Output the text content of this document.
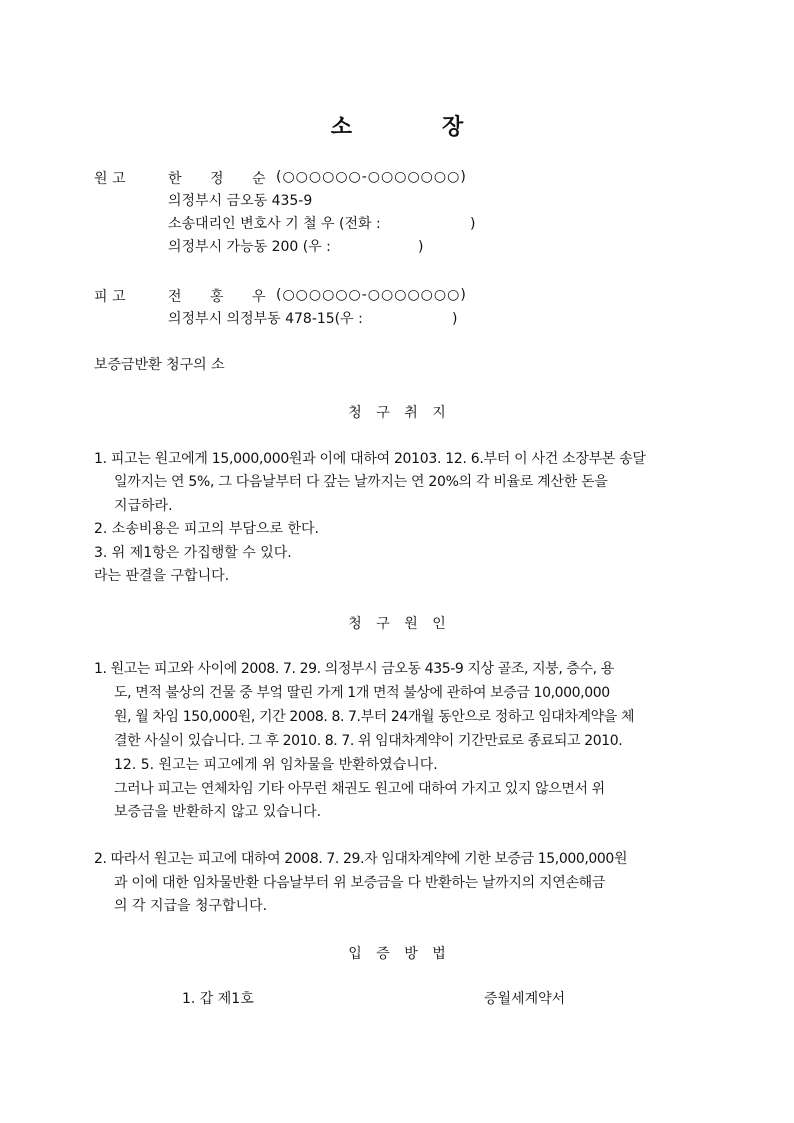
소	장
원 고	한 정 순 (○○○○○○-○○○○○○○)
의정부시 금오동 435-9
소송대리인 변호사 기 철 우 (전화 :	)
의정부시 가능동 200 (우 :	)
피 고	전 홍 우 (○○○○○○-○○○○○○○)
의정부시 의정부동 478-15(우 :	)
보증금반환 청구의 소
청 구 취 지
1. 피고는 원고에게 15,000,000원과 이에 대하여 20103. 12. 6.부터 이 사건 소장부본 송달
일까지는 연 5%, 그 다음날부터 다 갚는 날까지는 연 20%의 각 비율로 계산한 돈을
지급하라.
2. 소송비용은 피고의 부담으로 한다.
3. 위 제1항은 가집행할 수 있다.
라는 판결을 구합니다.
청 구 원 인
1. 원고는 피고와 사이에 2008. 7. 29. 의정부시 금오동 435-9 지상 골조, 지붕, 층수, 용
도, 면적 불상의 건물 중 부엌 딸린 가게 1개 면적 불상에 관하여 보증금 10,000,000
원, 월 차임 150,000원, 기간 2008. 8. 7.부터 24개월 동안으로 정하고 임대차계약을 체
결한 사실이 있습니다. 그 후 2010. 8. 7. 위 임대차계약이 기간만료로 종료되고 2010.
12. 5. 원고는 피고에게 위 임차물을 반환하였습니다.
그러나 피고는 연체차임 기타 아무런 채권도 원고에 대하여 가지고 있지 않으면서 위
보증금을 반환하지 않고 있습니다.
2. 따라서 원고는 피고에 대하여 2008. 7. 29.자 임대차계약에 기한 보증금 15,000,000원
과 이에 대한 임차물반환 다음날부터 위 보증금을 다 반환하는 날까지의 지연손해금
의 각 지급을 청구합니다.
입 증 방 법
1. 갑 제1호	증월세계약서
